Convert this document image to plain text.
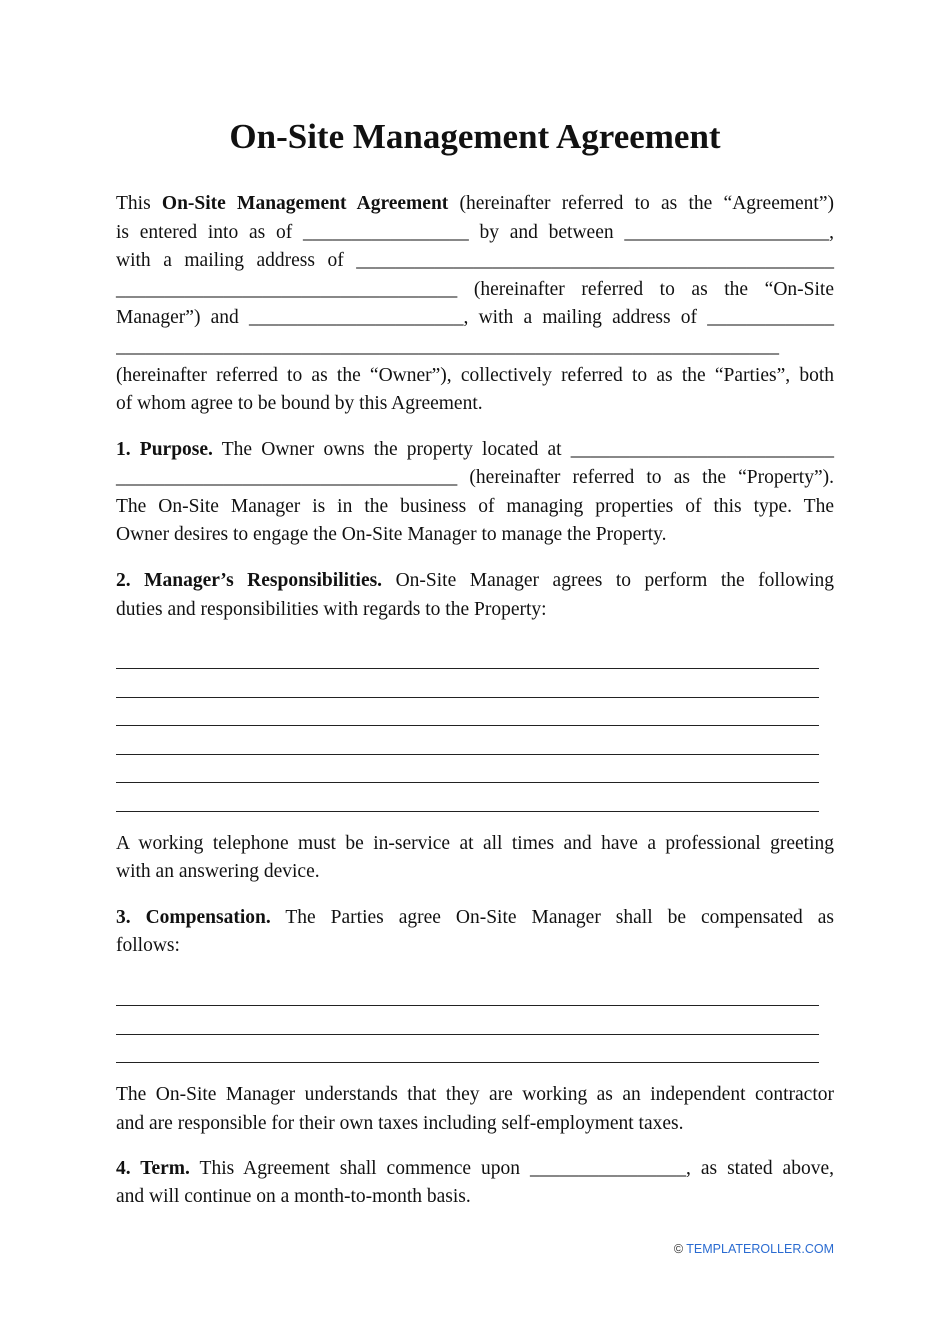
On-Site Management Agreement
This On-Site Management Agreement (hereinafter referred to as the “Agreement”)
is entered into as of _________________ by and between _____________________,
with a mailing address of _________________________________________________
___________________________________ (hereinafter referred to as the “On-Site
Manager”) and ______________________, with a mailing address of _____________
____________________________________________________________________
(hereinafter referred to as the “Owner”), collectively referred to as the “Parties”, both
of whom agree to be bound by this Agreement.
1. Purpose. The Owner owns the property located at ___________________________
___________________________________ (hereinafter referred to as the “Property”).
The On-Site Manager is in the business of managing properties of this type. The
Owner desires to engage the On-Site Manager to manage the Property.
2. Manager’s Responsibilities. On-Site Manager agrees to perform the following
duties and responsibilities with regards to the Property:
A working telephone must be in-service at all times and have a professional greeting
with an answering device.
3. Compensation. The Parties agree On-Site Manager shall be compensated as
follows:
The On-Site Manager understands that they are working as an independent contractor
and are responsible for their own taxes including self-employment taxes.
4. Term. This Agreement shall commence upon ________________, as stated above,
and will continue on a month-to-month basis.
© TEMPLATEROLLER.COM
